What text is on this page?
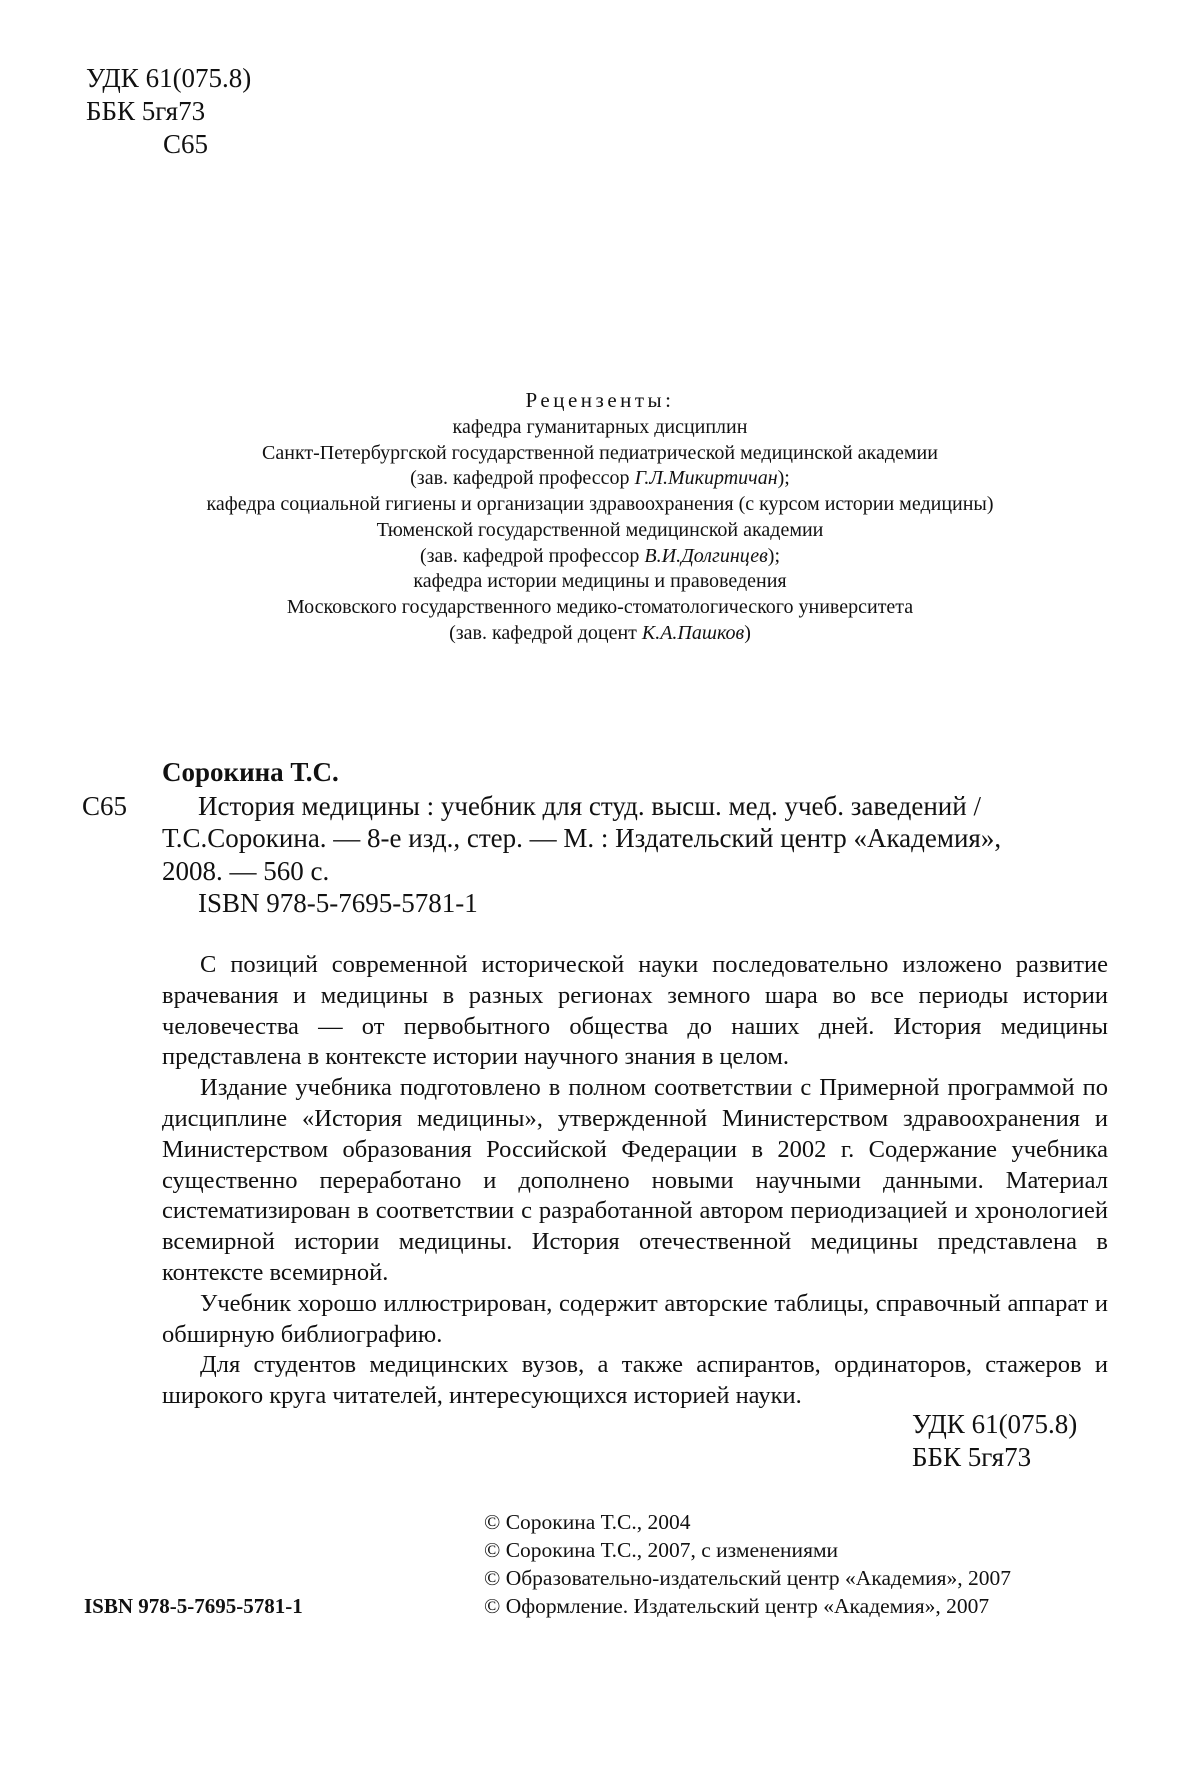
УДК 61(075.8)
ББК 5гя73
С65
Рецензенты:
кафедра гуманитарных дисциплин
Санкт-Петербургской государственной педиатрической медицинской академии
(зав. кафедрой профессор Г.Л.Микиртичан);
кафедра социальной гигиены и организации здравоохранения (с курсом истории медицины)
Тюменской государственной медицинской академии
(зав. кафедрой профессор В.И.Долгинцев);
кафедра истории медицины и правоведения
Московского государственного медико-стоматологического университета
(зав. кафедрой доцент К.А.Пашков)
Сорокина Т.С.
С65	История медицины : учебник для студ. высш. мед. учеб. заведений /
Т.С.Сорокина. — 8-е изд., стер. — М. : Издательский центр «Академия»,
2008. — 560 с.
ISBN 978-5-7695-5781-1

С позиций современной исторической науки последовательно изложено развитие врачевания и медицины в разных регионах земного шара во все периоды истории человечества — от первобытного общества до наших дней. История медицины представлена в контексте истории научного знания в целом.

Издание учебника подготовлено в полном соответствии с Примерной программой по дисциплине «История медицины», утвержденной Министерством здравоохранения и Министерством образования Российской Федерации в 2002 г. Содержание учебника существенно переработано и дополнено новыми научными данными. Материал систематизирован в соответствии с разработанной автором периодизацией и хронологией всемирной истории медицины. История отечественной медицины представлена в контексте всемирной.

Учебник хорошо иллюстрирован, содержит авторские таблицы, справочный аппарат и обширную библиографию.

Для студентов медицинских вузов, а также аспирантов, ординаторов, стажеров и широкого круга читателей, интересующихся историей науки.

УДК 61(075.8)
ББК 5гя73
© Сорокина Т.С., 2004
© Сорокина Т.С., 2007, с изменениями
© Образовательно-издательский центр «Академия», 2007
© Оформление. Издательский центр «Академия», 2007
ISBN 978-5-7695-5781-1
